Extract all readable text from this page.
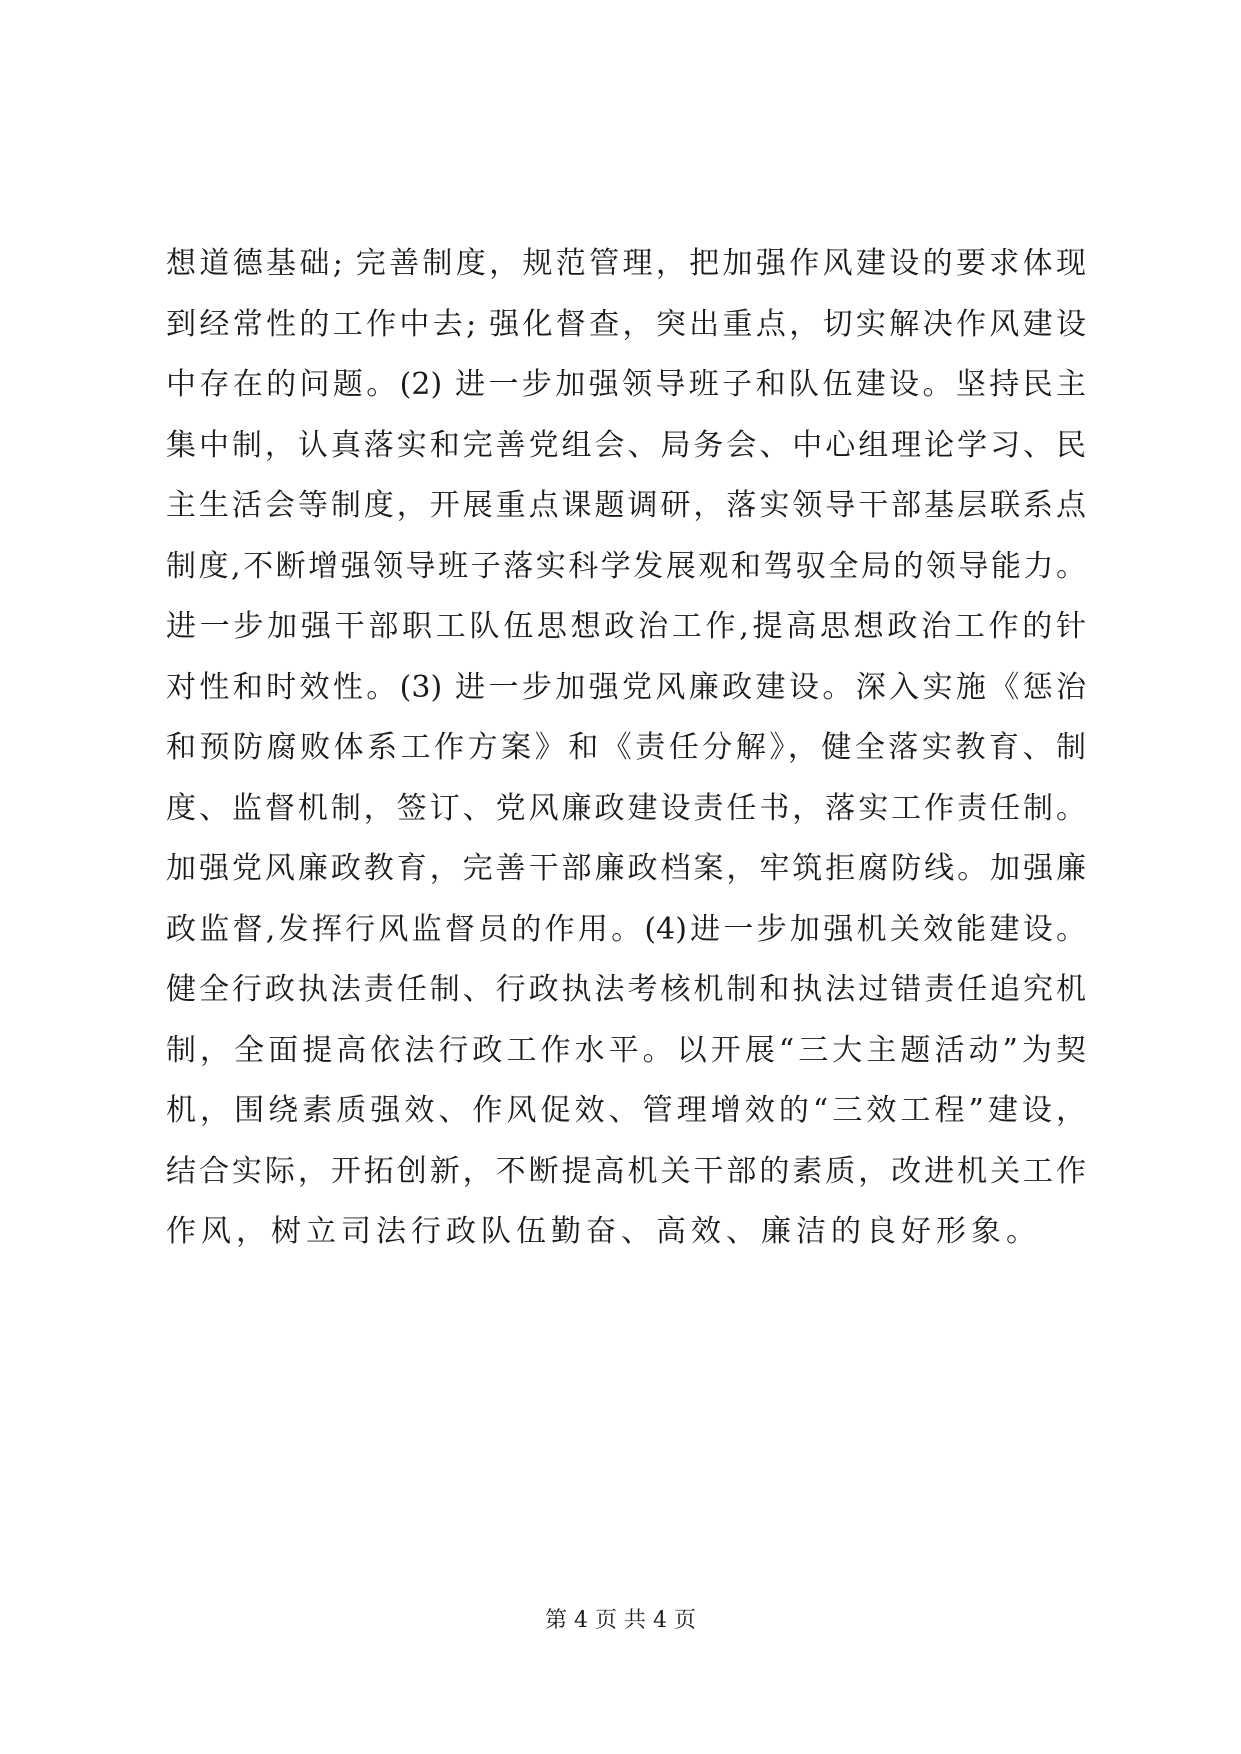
想道德基础; 完善制度，规范管理，把加强作风建设的要求体现
到经常性的工作中去; 强化督查，突出重点，切实解决作风建设
中存在的问题。(2) 进一步加强领导班子和队伍建设。坚持民主
集中制，认真落实和完善党组会、局务会、中心组理论学习、民
主生活会等制度，开展重点课题调研，落实领导干部基层联系点
制度,不断增强领导班子落实科学发展观和驾驭全局的领导能力。
进一步加强干部职工队伍思想政治工作,提高思想政治工作的针
对性和时效性。(3) 进一步加强党风廉政建设。深入实施《惩治
和预防腐败体系工作方案》和《责任分解》，健全落实教育、制
度、监督机制，签订、党风廉政建设责任书，落实工作责任制。
加强党风廉政教育，完善干部廉政档案，牢筑拒腐防线。加强廉
政监督,发挥行风监督员的作用。(4)进一步加强机关效能建设。
健全行政执法责任制、行政执法考核机制和执法过错责任追究机
制，全面提高依法行政工作水平。以开展“三大主题活动”为契
机，围绕素质强效、作风促效、管理增效的“三效工程”建设，
结合实际，开拓创新，不断提高机关干部的素质，改进机关工作
作风，树立司法行政队伍勤奋、高效、廉洁的良好形象。
第 4 页 共 4 页
